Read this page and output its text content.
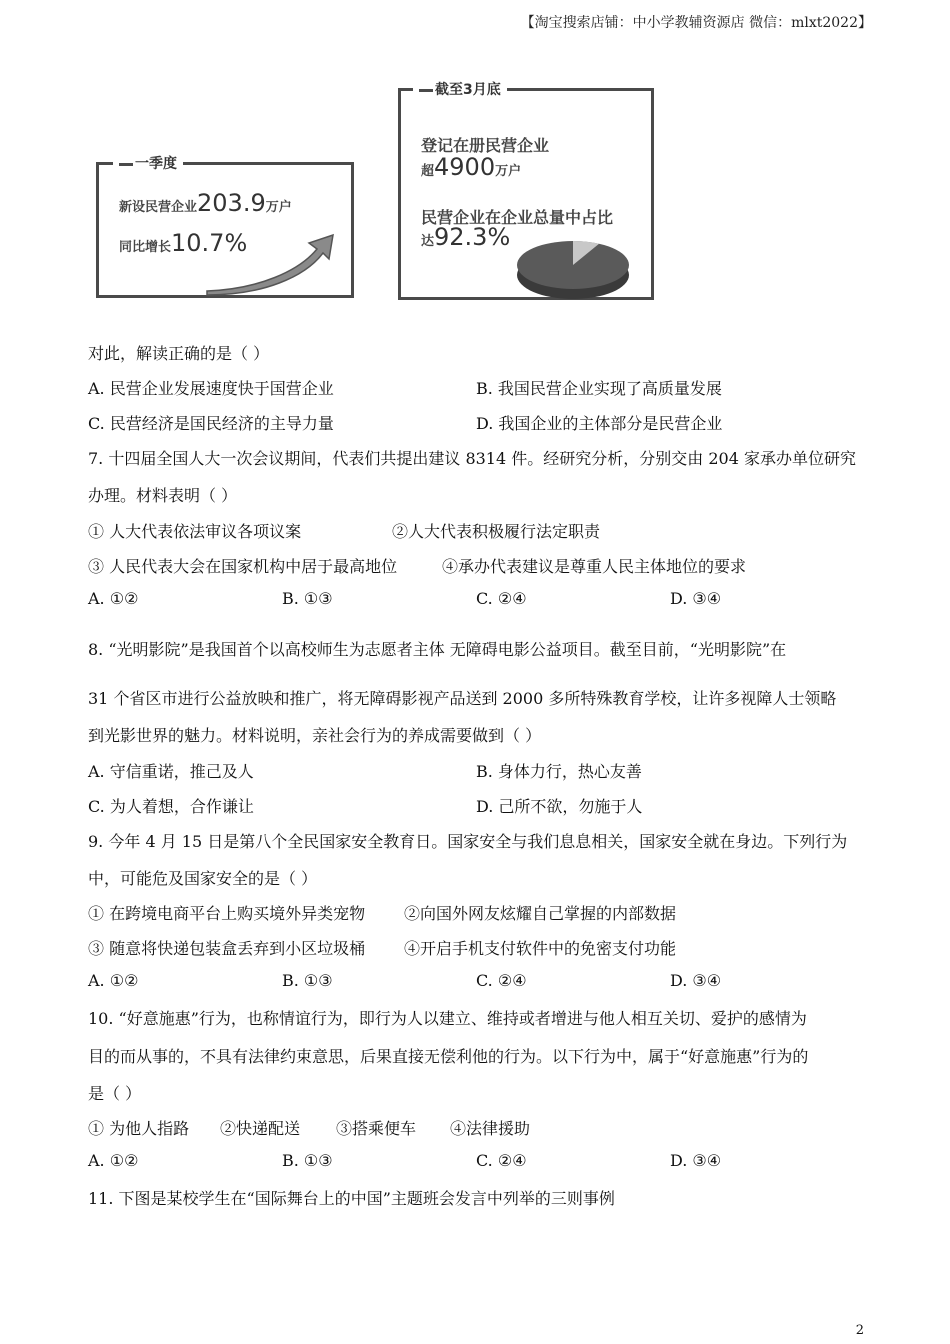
【淘宝搜索店铺：中小学教辅资源店 微信：mlxt2022】
一季度
新设民营企业203.9万户
同比增长10.7%
截至3月底
登记在册民营企业
超4900万户
民营企业在企业总量中占比
达92.3%
对此，解读正确的是（ ）
A. 民营企业发展速度快于国营企业	B. 我国民营企业实现了高质量发展
C. 民营经济是国民经济的主导力量	D. 我国企业的主体部分是民营企业
7. 十四届全国人大一次会议期间，代表们共提出建议 8314 件。经研究分析，分别交由 204 家承办单位研究
办理。材料表明（ ）
① 人大代表依法审议各项议案	②人大代表积极履行法定职责
③ 人民代表大会在国家机构中居于最高地位	④承办代表建议是尊重人民主体地位的要求
A. ①②	B. ①③	C. ②④	D. ③④
8. “光明影院”是我国首个以高校师生为志愿者主体 无障碍电影公益项目。截至目前，“光明影院”在
31 个省区市进行公益放映和推广，将无障碍影视产品送到 2000 多所特殊教育学校，让许多视障人士领略
到光影世界的魅力。材料说明，亲社会行为的养成需要做到（ ）
A. 守信重诺，推己及人	B. 身体力行，热心友善
C. 为人着想，合作谦让	D. 己所不欲，勿施于人
9. 今年 4 月 15 日是第八个全民国家安全教育日。国家安全与我们息息相关，国家安全就在身边。下列行为
中，可能危及国家安全的是（ ）
① 在跨境电商平台上购买境外异类宠物 ②向国外网友炫耀自己掌握的内部数据
③ 随意将快递包装盒丢弃到小区垃圾桶 ④开启手机支付软件中的免密支付功能
A. ①②	B. ①③	C. ②④	D. ③④
10. “好意施惠”行为，也称情谊行为，即行为人以建立、维持或者增进与他人相互关切、爱护的感情为
目的而从事的，不具有法律约束意思，后果直接无偿利他的行为。以下行为中，属于“好意施惠”行为的
是（ ）
① 为他人指路 ②快递配送 ③搭乘便车 ④法律援助
A. ①②	B. ①③	C. ②④	D. ③④
11. 下图是某校学生在“国际舞台上的中国”主题班会发言中列举的三则事例
2
